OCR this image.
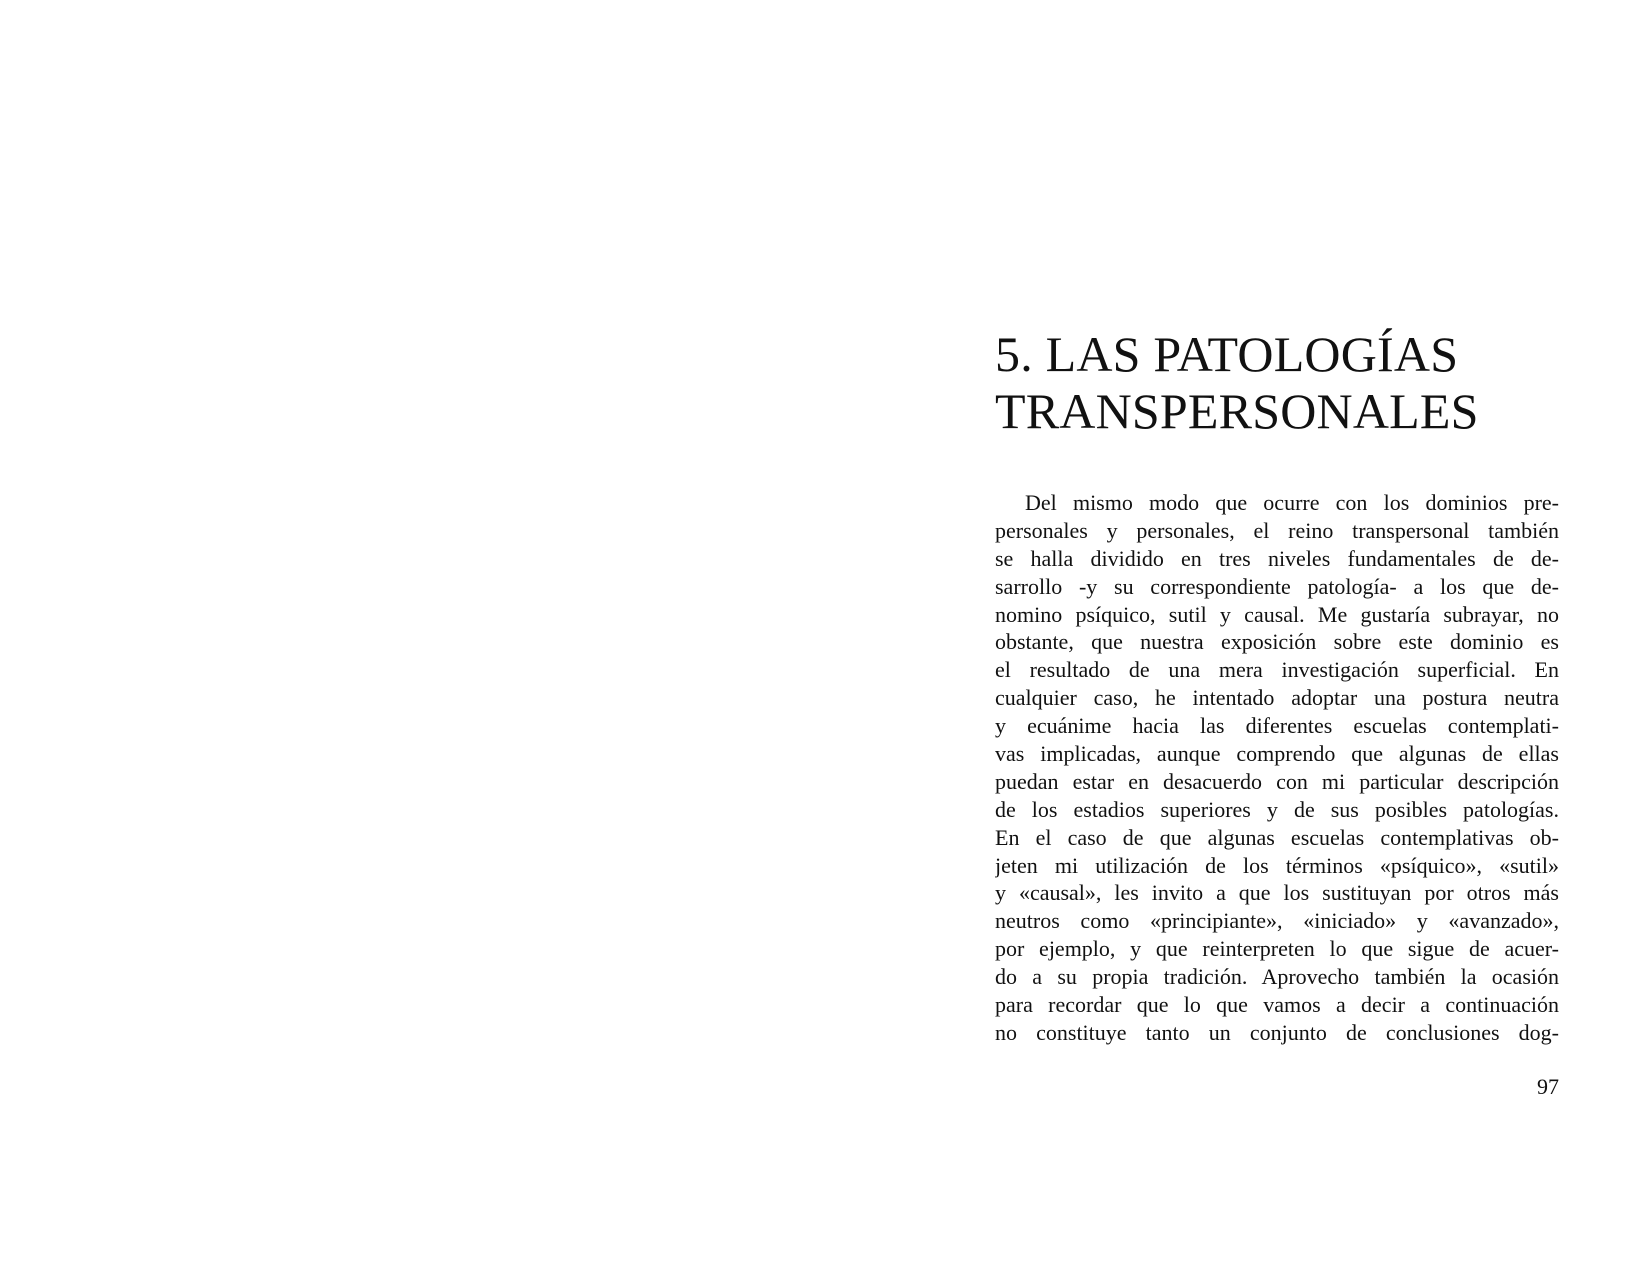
5. LAS PATOLOGÍAS
TRANSPERSONALES
Del mismo modo que ocurre con los dominios pre-
personales y personales, el reino transpersonal también
se halla dividido en tres niveles fundamentales de de-
sarrollo -y su correspondiente patología- a los que de-
nomino psíquico, sutil y causal. Me gustaría subrayar, no
obstante, que nuestra exposición sobre este dominio es
el resultado de una mera investigación superficial. En
cualquier caso, he intentado adoptar una postura neutra
y ecuánime hacia las diferentes escuelas contemplati-
vas implicadas, aunque comprendo que algunas de ellas
puedan estar en desacuerdo con mi particular descripción
de los estadios superiores y de sus posibles patologías.
En el caso de que algunas escuelas contemplativas ob-
jeten mi utilización de los términos «psíquico», «sutil»
y «causal», les invito a que los sustituyan por otros más
neutros como «principiante», «iniciado» y «avanzado»,
por ejemplo, y que reinterpreten lo que sigue de acuer-
do a su propia tradición. Aprovecho también la ocasión
para recordar que lo que vamos a decir a continuación
no constituye tanto un conjunto de conclusiones dog-
97
